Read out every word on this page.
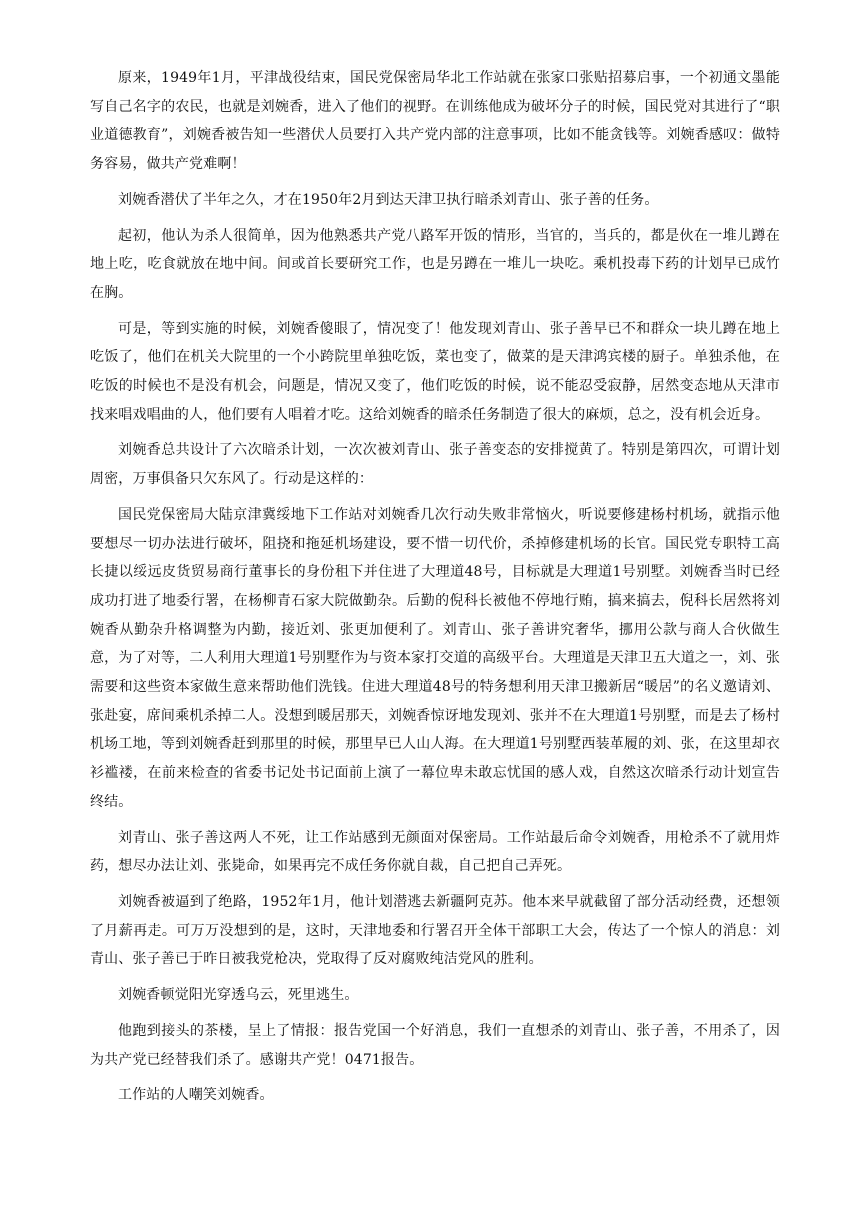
原来，1949年1月，平津战役结束，国民党保密局华北工作站就在张家口张贴招募启事，一个初通文墨能写自己名字的农民，也就是刘婉香，进入了他们的视野。在训练他成为破坏分子的时候，国民党对其进行了“职业道德教育”，刘婉香被告知一些潜伏人员要打入共产党内部的注意事项，比如不能贪钱等。刘婉香感叹：做特务容易，做共产党难啊！

刘婉香潜伏了半年之久，才在1950年2月到达天津卫执行暗杀刘青山、张子善的任务。

起初，他认为杀人很简单，因为他熟悉共产党八路军开饭的情形，当官的，当兵的，都是伙在一堆儿蹲在地上吃，吃食就放在地中间。间或首长要研究工作，也是另蹲在一堆儿一块吃。乘机投毒下药的计划早已成竹在胸。

可是，等到实施的时候，刘婉香傻眼了，情况变了！他发现刘青山、张子善早已不和群众一块儿蹲在地上吃饭了，他们在机关大院里的一个小跨院里单独吃饭，菜也变了，做菜的是天津鸿宾楼的厨子。单独杀他，在吃饭的时候也不是没有机会，问题是，情况又变了，他们吃饭的时候，说不能忍受寂静，居然变态地从天津市找来唱戏唱曲的人，他们要有人唱着才吃。这给刘婉香的暗杀任务制造了很大的麻烦，总之，没有机会近身。

刘婉香总共设计了六次暗杀计划，一次次被刘青山、张子善变态的安排搅黄了。特别是第四次，可谓计划周密，万事俱备只欠东风了。行动是这样的：

国民党保密局大陆京津冀绥地下工作站对刘婉香几次行动失败非常恼火，听说要修建杨村机场，就指示他要想尽一切办法进行破坏，阻挠和拖延机场建设，要不惜一切代价，杀掉修建机场的长官。国民党专职特工高长捷以绥远皮货贸易商行董事长的身份租下并住进了大理道48号，目标就是大理道1号别墅。刘婉香当时已经成功打进了地委行署，在杨柳青石家大院做勤杂。后勤的倪科长被他不停地行贿，搞来搞去，倪科长居然将刘婉香从勤杂升格调整为内勤，接近刘、张更加便利了。刘青山、张子善讲究奢华，挪用公款与商人合伙做生意，为了对等，二人利用大理道1号别墅作为与资本家打交道的高级平台。大理道是天津卫五大道之一，刘、张需要和这些资本家做生意来帮助他们洗钱。住进大理道48号的特务想利用天津卫搬新居“暖居”的名义邀请刘、张赴宴，席间乘机杀掉二人。没想到暖居那天，刘婉香惊讶地发现刘、张并不在大理道1号别墅，而是去了杨村机场工地，等到刘婉香赶到那里的时候，那里早已人山人海。在大理道1号别墅西装革履的刘、张，在这里却衣衫褴褛，在前来检查的省委书记处书记面前上演了一幕位卑未敢忘忧国的感人戏，自然这次暗杀行动计划宣告终结。

刘青山、张子善这两人不死，让工作站感到无颜面对保密局。工作站最后命令刘婉香，用枪杀不了就用炸药，想尽办法让刘、张毙命，如果再完不成任务你就自裁，自己把自己弄死。

刘婉香被逼到了绝路，1952年1月，他计划潜逃去新疆阿克苏。他本来早就截留了部分活动经费，还想领了月薪再走。可万万没想到的是，这时，天津地委和行署召开全体干部职工大会，传达了一个惊人的消息：刘青山、张子善已于昨日被我党枪决，党取得了反对腐败纯洁党风的胜利。

刘婉香顿觉阳光穿透乌云，死里逃生。

他跑到接头的茶楼，呈上了情报：报告党国一个好消息，我们一直想杀的刘青山、张子善，不用杀了，因为共产党已经替我们杀了。感谢共产党！0471报告。

工作站的人嘲笑刘婉香。
